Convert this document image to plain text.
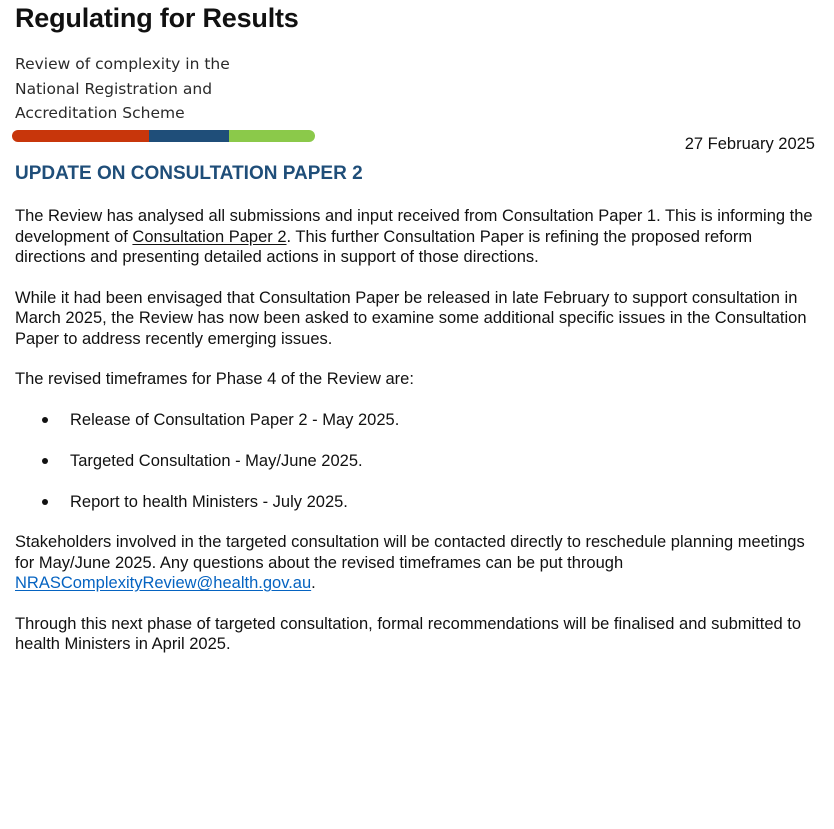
Regulating for Results
Review of complexity in the
National Registration and
Accreditation Scheme
27 February 2025
UPDATE ON CONSULTATION PAPER 2

The Review has analysed all submissions and input received from Consultation Paper 1. This is informing the development of Consultation Paper 2. This further Consultation Paper is refining the proposed reform directions and presenting detailed actions in support of those directions.

While it had been envisaged that Consultation Paper be released in late February to support consultation in March 2025, the Review has now been asked to examine some additional specific issues in the Consultation Paper to address recently emerging issues.

The revised timeframes for Phase 4 of the Review are:

Release of Consultation Paper 2 - May 2025.
Targeted Consultation - May/June 2025.
Report to health Ministers - July 2025.

Stakeholders involved in the targeted consultation will be contacted directly to reschedule planning meetings for May/June 2025. Any questions about the revised timeframes can be put through NRASComplexityReview@health.gov.au.

Through this next phase of targeted consultation, formal recommendations will be finalised and submitted to health Ministers in April 2025.
